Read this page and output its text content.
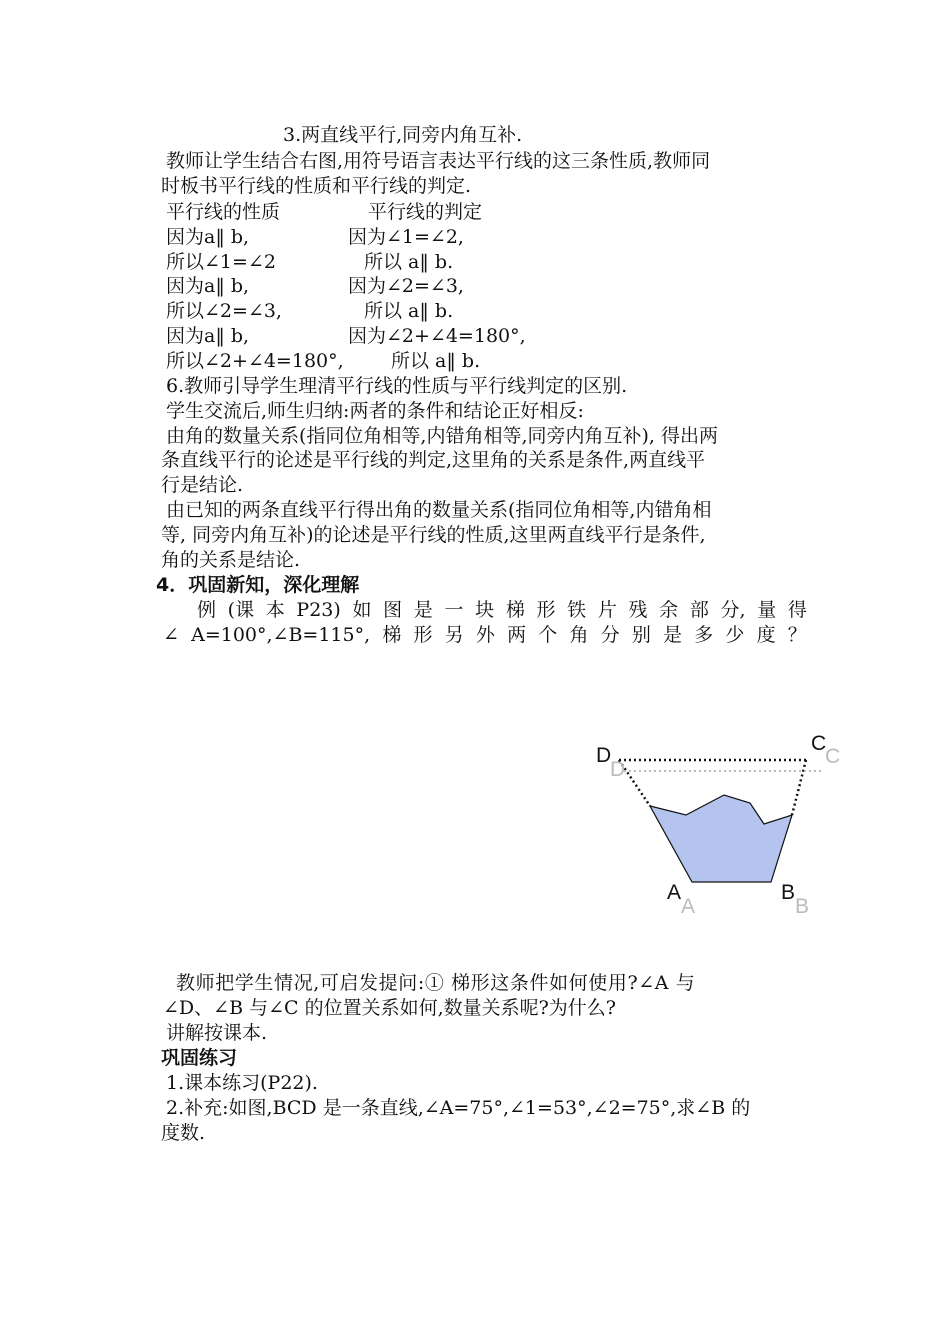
3.两直线平行,同旁内角互补.
教师让学生结合右图,用符号语言表达平行线的这三条性质,教师同
时板书平行线的性质和平行线的判定.
平行线的性质	平行线的判定
因为a‖ b,	因为∠1=∠2,
所以∠1=∠2	所以 a‖ b.
因为a‖ b,	因为∠2=∠3,
所以∠2=∠3,	所以 a‖ b.
因为a‖ b,	因为∠2+∠4=180°,
所以∠2+∠4=180°, 所以 a‖ b.
6.教师引导学生理清平行线的性质与平行线判定的区别.
学生交流后,师生归纳:两者的条件和结论正好相反:
由角的数量关系(指同位角相等,内错角相等,同旁内角互补), 得出两
条直线平行的论述是平行线的判定,这里角的关系是条件,两直线平
行是结论.
由已知的两条直线平行得出角的数量关系(指同位角相等,内错角相
等, 同旁内角互补)的论述是平行线的性质,这里两直线平行是条件,
角的关系是结论.
4．巩固新知，深化理解
例 (课 本 P23) 如 图 是 一 块 梯 形 铁 片 残 余 部 分, 量 得
∠ A=100°,∠B=115°, 梯 形 另 外 两 个 角 分 别 是 多 少 度 ？
D
D
C
C
A
A
B
B
教师把学生情况,可启发提问:① 梯形这条件如何使用?∠A 与
∠D、∠B 与∠C 的位置关系如何,数量关系呢?为什么?
讲解按课本.
巩固练习
1.课本练习(P22).
2.补充:如图,BCD 是一条直线,∠A=75°,∠1=53°,∠2=75°,求∠B 的
度数.
